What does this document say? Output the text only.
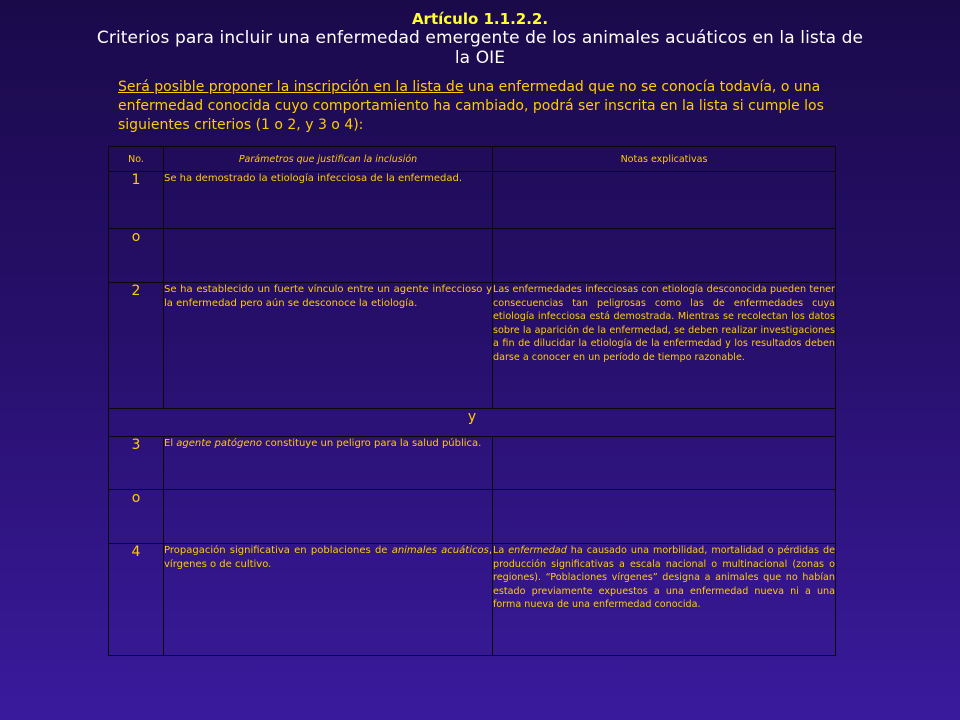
Artículo 1.1.2.2.
Criterios para incluir una enfermedad emergente de los animales acuáticos en la lista de la OIE
Será posible proponer la inscripción en la lista de una enfermedad que no se conocía todavía, o una enfermedad conocida cuyo comportamiento ha cambiado, podrá ser inscrita en la lista si cumple los siguientes criterios (1 o 2, y 3 o 4):
No.	Parámetros que justifican la inclusión	Notas explicativas
1	Se ha demostrado la etiología infecciosa de la enfermedad.	
o		
2	Se ha establecido un fuerte vínculo entre un agente infeccioso y la enfermedad pero aún se desconoce la etiología.	Las enfermedades infecciosas con etiología desconocida pueden tener consecuencias tan peligrosas como las de enfermedades cuya etiología infecciosa está demostrada. Mientras se recolectan los datos sobre la aparición de la enfermedad, se deben realizar investigaciones a fin de dilucidar la etiología de la enfermedad y los resultados deben darse a conocer en un período de tiempo razonable.
y		
3	El agente patógeno constituye un peligro para la salud pública.	
o		
4	Propagación significativa en poblaciones de animales acuáticos, vírgenes o de cultivo.	La enfermedad ha causado una morbilidad, mortalidad o pérdidas de producción significativas a escala nacional o multinacional (zonas o regiones). “Poblaciones vírgenes” designa a animales que no habían estado previamente expuestos a una enfermedad nueva ni a una forma nueva de una enfermedad conocida.
